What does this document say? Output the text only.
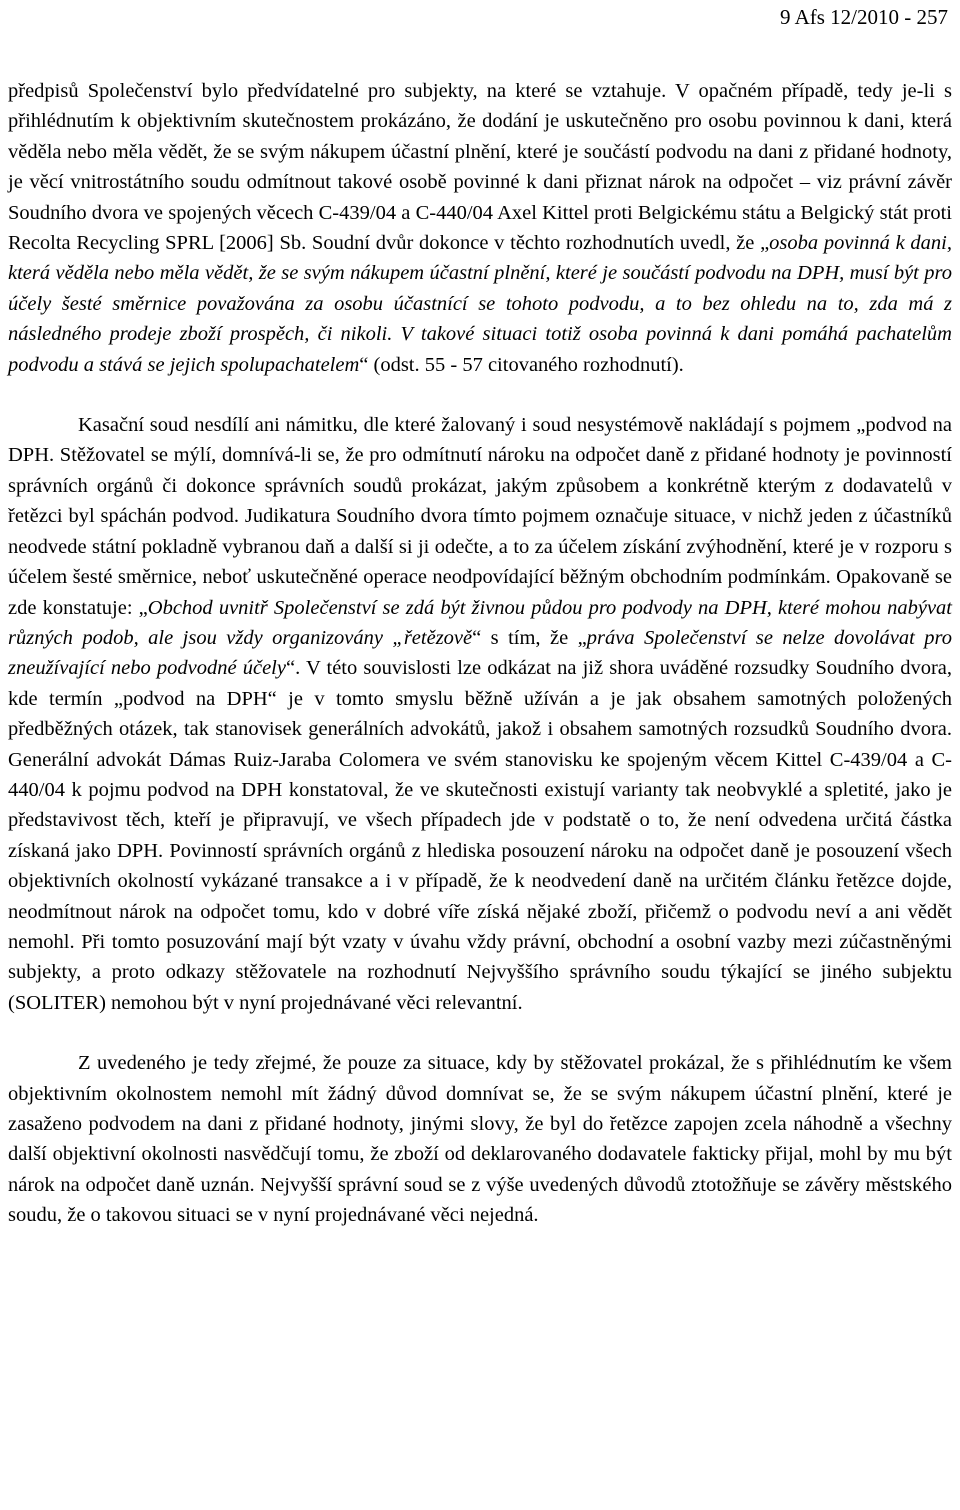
9 Afs 12/2010 - 257

předpisů Společenství bylo předvídatelné pro subjekty, na které se vztahuje. V opačném případě, tedy je-li s přihlédnutím k objektivním skutečnostem prokázáno, že dodání je uskutečněno pro osobu povinnou k dani, která věděla nebo měla vědět, že se svým nákupem účastní plnění, které je součástí podvodu na dani z přidané hodnoty, je věcí vnitrostátního soudu odmítnout takové osobě povinné k dani přiznat nárok na odpočet – viz právní závěr Soudního dvora ve spojených věcech C-439/04 a C-440/04 Axel Kittel proti Belgickému státu a Belgický stát proti Recolta Recycling SPRL [2006] Sb. Soudní dvůr dokonce v těchto rozhodnutích uvedl, že „osoba povinná k dani, která věděla nebo měla vědět, že se svým nákupem účastní plnění, které je součástí podvodu na DPH, musí být pro účely šesté směrnice považována za osobu účastnící se tohoto podvodu, a to bez ohledu na to, zda má z následného prodeje zboží prospěch, či nikoli. V takové situaci totiž osoba povinná k dani pomáhá pachatelům podvodu a stává se jejich spolupachatelem“ (odst. 55 - 57 citovaného rozhodnutí).

Kasační soud nesdílí ani námitku, dle které žalovaný i soud nesystémově nakládají s pojmem „podvod na DPH. Stěžovatel se mýlí, domnívá-li se, že pro odmítnutí nároku na odpočet daně z přidané hodnoty je povinností správních orgánů či dokonce správních soudů prokázat, jakým způsobem a konkrétně kterým z dodavatelů v řetězci byl spáchán podvod. Judikatura Soudního dvora tímto pojmem označuje situace, v nichž jeden z účastníků neodvede státní pokladně vybranou daň a další si ji odečte, a to za účelem získání zvýhodnění, které je v rozporu s účelem šesté směrnice, neboť uskutečněné operace neodpovídající běžným obchodním podmínkám. Opakovaně se zde konstatuje: „Obchod uvnitř Společenství se zdá být živnou půdou pro podvody na DPH, které mohou nabývat různých podob, ale jsou vždy organizovány „řetězově“ s tím, že „práva Společenství se nelze dovolávat pro zneužívající nebo podvodné účely“. V této souvislosti lze odkázat na již shora uváděné rozsudky Soudního dvora, kde termín „podvod na DPH“ je v tomto smyslu běžně užíván a je jak obsahem samotných položených předběžných otázek, tak stanovisek generálních advokátů, jakož i obsahem samotných rozsudků Soudního dvora. Generální advokát Dámas Ruiz-Jaraba Colomera ve svém stanovisku ke spojeným věcem Kittel C-439/04 a C-440/04 k pojmu podvod na DPH konstatoval, že ve skutečnosti existují varianty tak neobvyklé a spletité, jako je představivost těch, kteří je připravují, ve všech případech jde v podstatě o to, že není odvedena určitá částka získaná jako DPH. Povinností správních orgánů z hlediska posouzení nároku na odpočet daně je posouzení všech objektivních okolností vykázané transakce a i v případě, že k neodvedení daně na určitém článku řetězce dojde, neodmítnout nárok na odpočet tomu, kdo v dobré víře získá nějaké zboží, přičemž o podvodu neví a ani vědět nemohl. Při tomto posuzování mají být vzaty v úvahu vždy právní, obchodní a osobní vazby mezi zúčastněnými subjekty, a proto odkazy stěžovatele na rozhodnutí Nejvyššího správního soudu týkající se jiného subjektu (SOLITER) nemohou být v nyní projednávané věci relevantní.

Z uvedeného je tedy zřejmé, že pouze za situace, kdy by stěžovatel prokázal, že s přihlédnutím ke všem objektivním okolnostem nemohl mít žádný důvod domnívat se, že se svým nákupem účastní plnění, které je zasaženo podvodem na dani z přidané hodnoty, jinými slovy, že byl do řetězce zapojen zcela náhodně a všechny další objektivní okolnosti nasvědčují tomu, že zboží od deklarovaného dodavatele fakticky přijal, mohl by mu být nárok na odpočet daně uznán. Nejvyšší správní soud se z výše uvedených důvodů ztotožňuje se závěry městského soudu, že o takovou situaci se v nyní projednávané věci nejedná.
